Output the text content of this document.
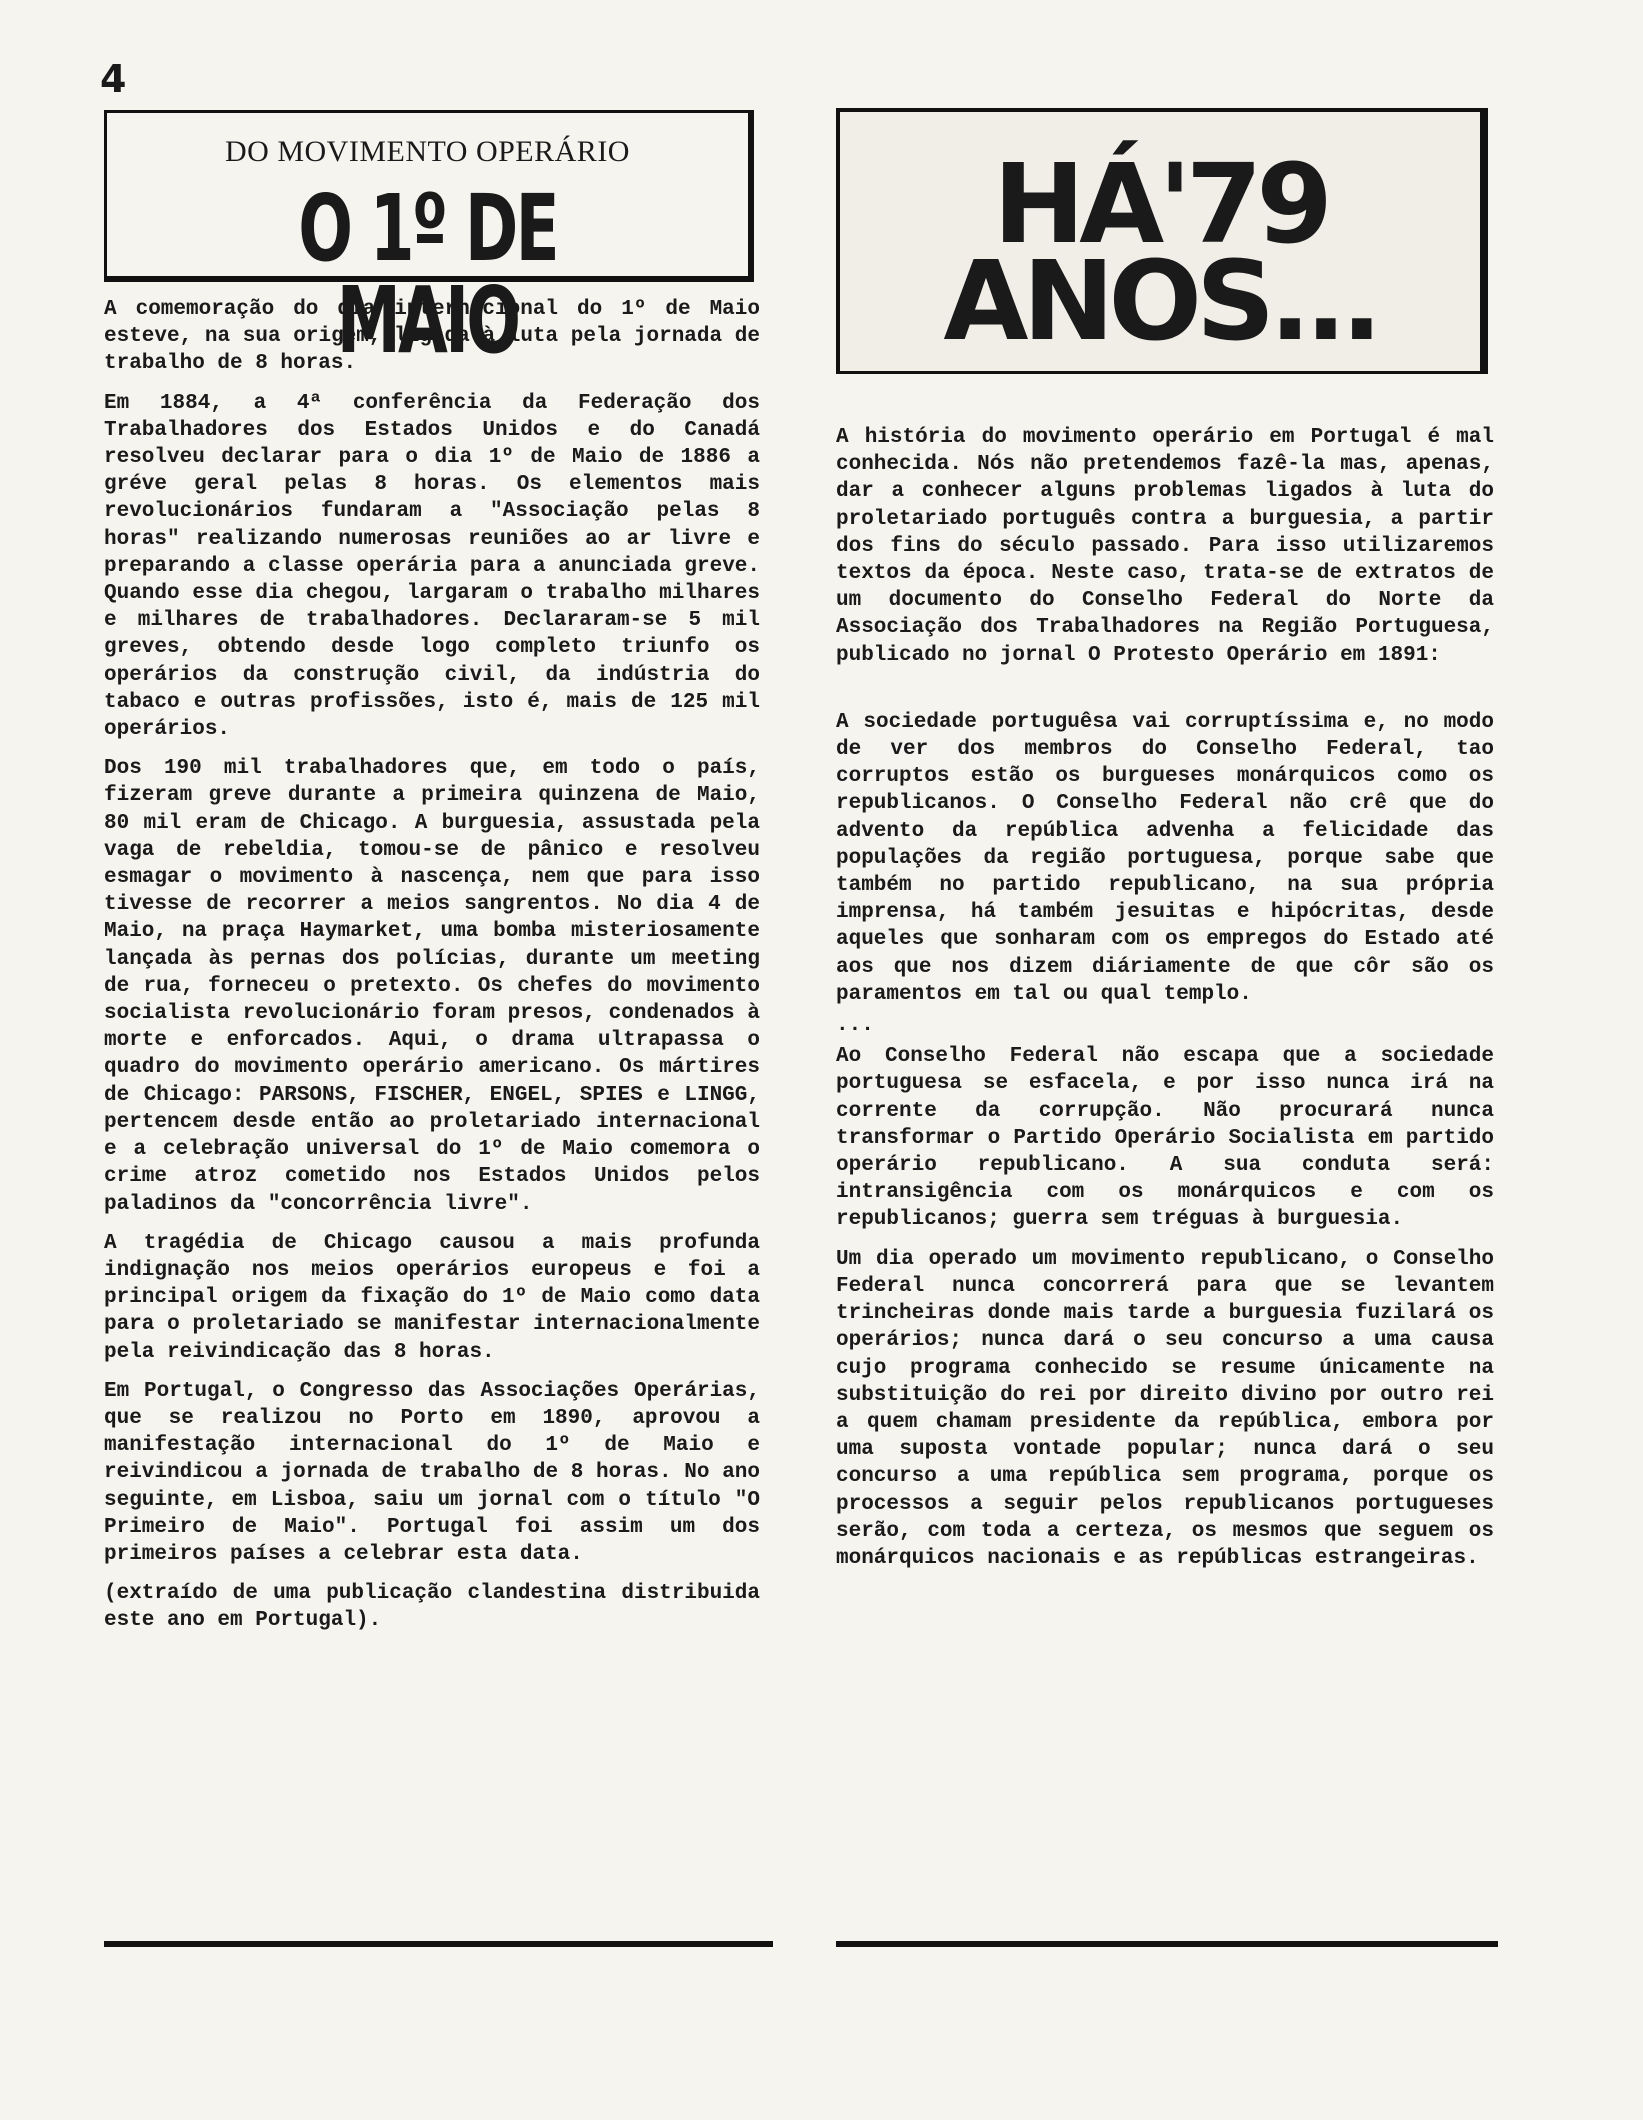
4
DO MOVIMENTO OPERÁRIO
O 1º DE MAIO

A comemoração do dia internacional do 1º de Maio esteve, na sua origem, ligada à luta pela jornada de trabalho de 8 horas.

Em 1884, a 4ª conferência da Federação dos Trabalhadores dos Estados Unidos e do Canadá resolveu declarar para o dia 1º de Maio de 1886 a gréve geral pelas 8 horas. Os elementos mais revolucionários fundaram a "Associação pelas 8 horas" realizando numerosas reuniões ao ar livre e preparando a classe operária para a anunciada greve. Quando esse dia chegou, largaram o trabalho milhares e milhares de trabalhadores. Declararam-se 5 mil greves, obtendo desde logo completo triunfo os operários da construção civil, da indústria do tabaco e outras profissões, isto é, mais de 125 mil operários.

Dos 190 mil trabalhadores que, em todo o país, fizeram greve durante a primeira quinzena de Maio, 80 mil eram de Chicago. A burguesia, assustada pela vaga de rebeldia, tomou-se de pânico e resolveu esmagar o movimento à nascença, nem que para isso tivesse de recorrer a meios sangrentos. No dia 4 de Maio, na praça Haymarket, uma bomba misteriosamente lançada às pernas dos polícias, durante um meeting de rua, forneceu o pretexto. Os chefes do movimento socialista revolucionário foram presos, condenados à morte e enforcados. Aqui, o drama ultrapassa o quadro do movimento operário americano. Os mártires de Chicago: PARSONS, FISCHER, ENGEL, SPIES e LINGG, pertencem desde então ao proletariado internacional e a celebração universal do 1º de Maio comemora o crime atroz cometido nos Estados Unidos pelos paladinos da "concorrência livre".

A tragédia de Chicago causou a mais profunda indignação nos meios operários europeus e foi a principal origem da fixação do 1º de Maio como data para o proletariado se manifestar internacionalmente pela reivindicação das 8 horas.

Em Portugal, o Congresso das Associações Operárias, que se realizou no Porto em 1890, aprovou a manifestação internacional do 1º de Maio e reivindicou a jornada de trabalho de 8 horas. No ano seguinte, em Lisboa, saiu um jornal com o título "O Primeiro de Maio". Portugal foi assim um dos primeiros países a celebrar esta data.

(extraído de uma publicação clandestina distribuida este ano em Portugal).

HÁ'79
ANOS...

A história do movimento operário em Portugal é mal conhecida. Nós não pretendemos fazê-la mas, apenas, dar a conhecer alguns problemas ligados à luta do proletariado português contra a burguesia, a partir dos fins do século passado. Para isso utilizaremos textos da época. Neste caso, trata-se de extratos de um documento do Conselho Federal do Norte da Associação dos Trabalhadores na Região Portuguesa, publicado no jornal O Protesto Operário em 1891:

A sociedade portuguêsa vai corruptíssima e, no modo de ver dos membros do Conselho Federal, tao corruptos estão os burgueses monárquicos como os republicanos. O Conselho Federal não crê que do advento da república advenha a felicidade das populações da região portuguesa, porque sabe que também no partido republicano, na sua própria imprensa, há também jesuitas e hipócritas, desde aqueles que sonharam com os empregos do Estado até aos que nos dizem diáriamente de que côr são os paramentos em tal ou qual templo.

...

Ao Conselho Federal não escapa que a sociedade portuguesa se esfacela, e por isso nunca irá na corrente da corrupção. Não procurará nunca transformar o Partido Operário Socialista em partido operário republicano. A sua conduta será: intransigência com os monárquicos e com os republicanos; guerra sem tréguas à burguesia.

Um dia operado um movimento republicano, o Conselho Federal nunca concorrerá para que se levantem trincheiras donde mais tarde a burguesia fuzilará os operários; nunca dará o seu concurso a uma causa cujo programa conhecido se resume únicamente na substituição do rei por direito divino por outro rei a quem chamam presidente da república, embora por uma suposta vontade popular; nunca dará o seu concurso a uma república sem programa, porque os processos a seguir pelos republicanos portugueses serão, com toda a certeza, os mesmos que seguem os monárquicos nacionais e as repúblicas estrangeiras.
